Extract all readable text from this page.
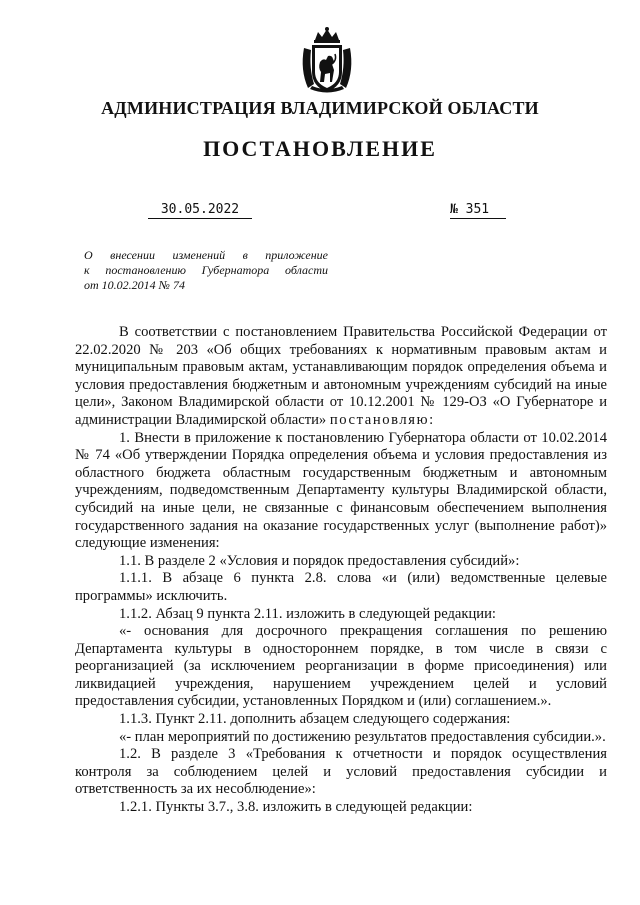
АДМИНИСТРАЦИЯ ВЛАДИМИРСКОЙ ОБЛАСТИ
ПОСТАНОВЛЕНИЕ
30.05.2022	№ 351
О внесении изменений в приложение
к постановлению Губернатора области
от 10.02.2014 № 74

В соответствии с постановлением Правительства Российской Федерации от 22.02.2020 № 203 «Об общих требованиях к нормативным правовым актам и муниципальным правовым актам, устанавливающим порядок определения объема и условия предоставления бюджетным и автономным учреждениям субсидий на иные цели», Законом Владимирской области от 10.12.2001 № 129-ОЗ «О Губернаторе и администрации Владимирской области» постановляю:

1. Внести в приложение к постановлению Губернатора области от 10.02.2014 № 74 «Об утверждении Порядка определения объема и условия предоставления из областного бюджета областным государственным бюджетным и автономным учреждениям, подведомственным Департаменту культуры Владимирской области, субсидий на иные цели, не связанные с финансовым обеспечением выполнения государственного задания на оказание государственных услуг (выполнение работ)» следующие изменения:

1.1. В разделе 2 «Условия и порядок предоставления субсидий»:

1.1.1. В абзаце 6 пункта 2.8. слова «и (или) ведомственные целевые программы» исключить.

1.1.2. Абзац 9 пункта 2.11. изложить в следующей редакции:

«- основания для досрочного прекращения соглашения по решению Департамента культуры в одностороннем порядке, в том числе в связи с реорганизацией (за исключением реорганизации в форме присоединения) или ликвидацией учреждения, нарушением учреждением целей и условий предоставления субсидии, установленных Порядком и (или) соглашением.».

1.1.3. Пункт 2.11. дополнить абзацем следующего содержания:

«- план мероприятий по достижению результатов предоставления субсидии.».

1.2. В разделе 3 «Требования к отчетности и порядок осуществления контроля за соблюдением целей и условий предоставления субсидии и ответственность за их несоблюдение»:

1.2.1. Пункты 3.7., 3.8. изложить в следующей редакции:
